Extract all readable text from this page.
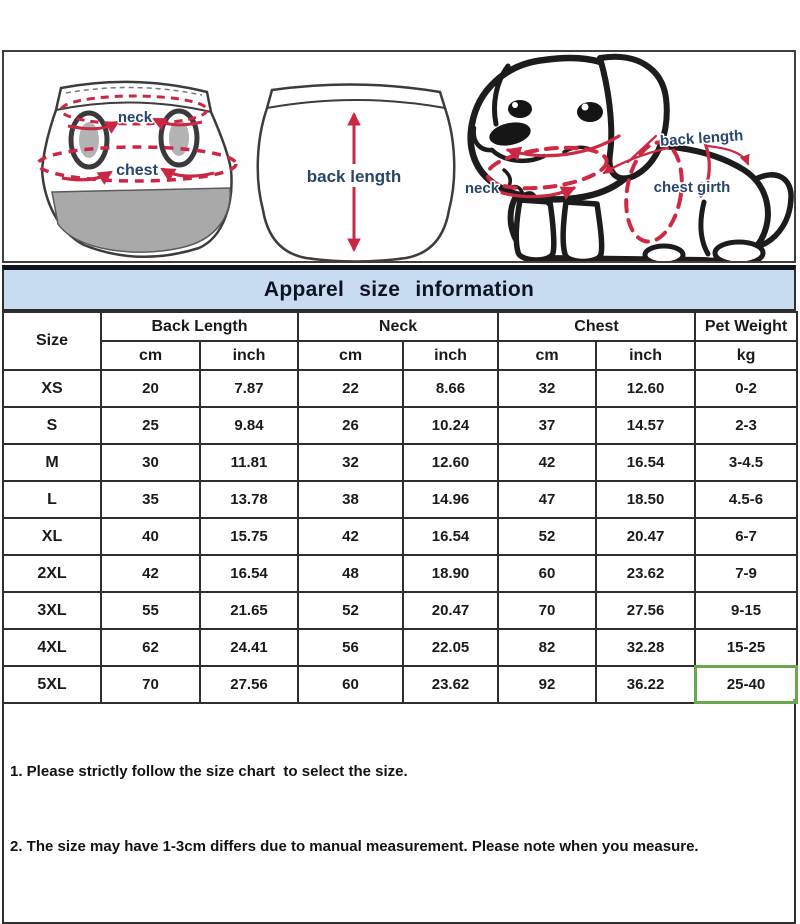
neck
chest	back length
neck
back length
chest girth
Apparel size information
Size	Back Length		Neck		Chest		Pet Weight
	cm	inch	cm	inch	cm	inch	kg
XS	20	7.87	22	8.66	32	12.60	0-2
S	25	9.84	26	10.24	37	14.57	2-3
M	30	11.81	32	12.60	42	16.54	3-4.5
L	35	13.78	38	14.96	47	18.50	4.5-6
XL	40	15.75	42	16.54	52	20.47	6-7
2XL	42	16.54	48	18.90	60	23.62	7-9
3XL	55	21.65	52	20.47	70	27.56	9-15
4XL	62	24.41	56	22.05	82	32.28	15-25
5XL	70	27.56	60	23.62	92	36.22	25-40

1. Please strictly follow the size chart  to select the size.

2. The size may have 1-3cm differs due to manual measurement. Please note when you measure.
